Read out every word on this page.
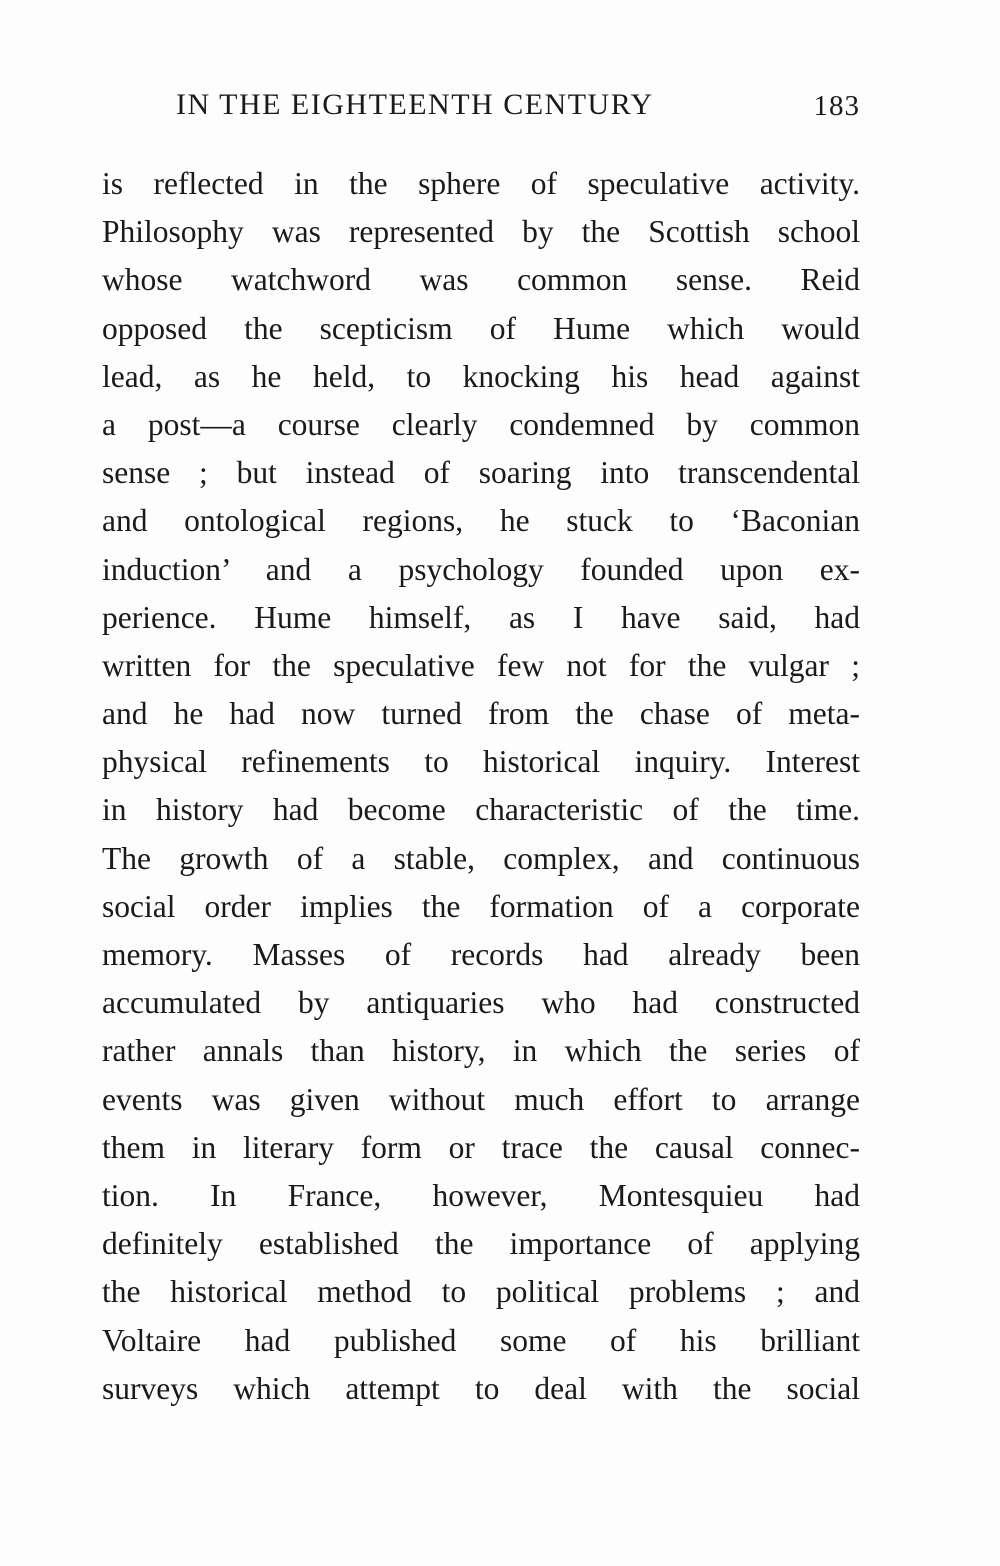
IN THE EIGHTEENTH CENTURY	183
is reflected in the sphere of speculative activity.
Philosophy was represented by the Scottish school
whose watchword was common sense. Reid
opposed the scepticism of Hume which would
lead, as he held, to knocking his head against
a post—a course clearly condemned by common
sense ; but instead of soaring into transcendental
and ontological regions, he stuck to ‘Baconian
induction’ and a psychology founded upon ex-
perience. Hume himself, as I have said, had
written for the speculative few not for the vulgar ;
and he had now turned from the chase of meta-
physical refinements to historical inquiry. Interest
in history had become characteristic of the time.
The growth of a stable, complex, and continuous
social order implies the formation of a corporate
memory. Masses of records had already been
accumulated by antiquaries who had constructed
rather annals than history, in which the series of
events was given without much effort to arrange
them in literary form or trace the causal connec-
tion. In France, however, Montesquieu had
definitely established the importance of applying
the historical method to political problems ; and
Voltaire had published some of his brilliant
surveys which attempt to deal with the social
